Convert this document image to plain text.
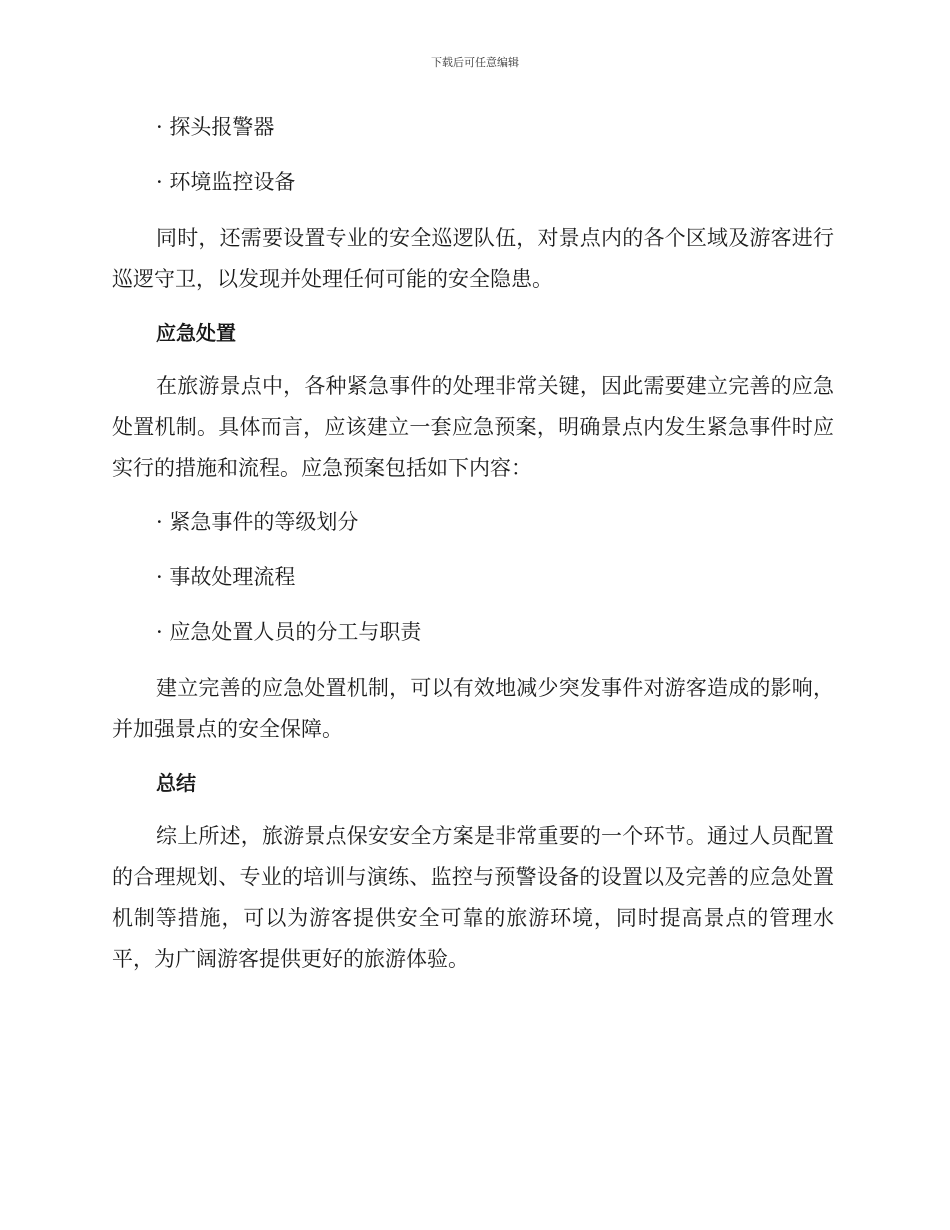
下载后可任意编辑
· 探头报警器
· 环境监控设备

同时，还需要设置专业的安全巡逻队伍，对景点内的各个区域及游客进行巡逻守卫，以发现并处理任何可能的安全隐患。

应急处置

在旅游景点中，各种紧急事件的处理非常关键，因此需要建立完善的应急处置机制。具体而言，应该建立一套应急预案，明确景点内发生紧急事件时应实行的措施和流程。应急预案包括如下内容：

· 紧急事件的等级划分
· 事故处理流程
· 应急处置人员的分工与职责

建立完善的应急处置机制，可以有效地减少突发事件对游客造成的影响，并加强景点的安全保障。

总结

综上所述，旅游景点保安安全方案是非常重要的一个环节。通过人员配置的合理规划、专业的培训与演练、监控与预警设备的设置以及完善的应急处置机制等措施，可以为游客提供安全可靠的旅游环境，同时提高景点的管理水平，为广阔游客提供更好的旅游体验。
